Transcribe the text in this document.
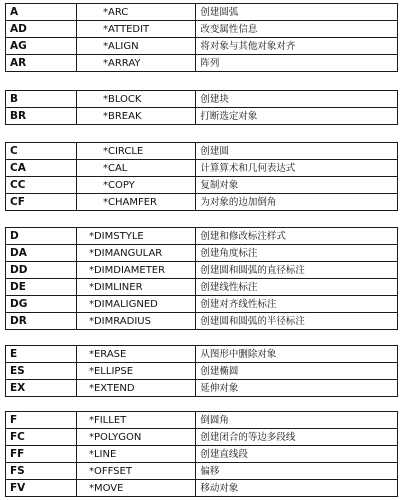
A	*ARC	创建圆弧
AD	*ATTEDIT	改变属性信息
AG	*ALIGN	将对象与其他对象对齐
AR	*ARRAY	阵列
B	*BLOCK	创建块
BR	*BREAK	打断选定对象
C	*CIRCLE	创建圆
CA	*CAL	计算算术和几何表达式
CC	*COPY	复制对象
CF	*CHAMFER	为对象的边加倒角
D	*DIMSTYLE	创建和修改标注样式
DA	*DIMANGULAR	创建角度标注
DD	*DIMDIAMETER	创建圆和圆弧的直径标注
DE	*DIMLINER	创建线性标注
DG	*DIMALIGNED	创建对齐线性标注
DR	*DIMRADIUS	创建圆和圆弧的半径标注
E	*ERASE	从图形中删除对象
ES	*ELLIPSE	创建椭圆
EX	*EXTEND	延伸对象
F	*FILLET	倒圆角
FC	*POLYGON	创建闭合的等边多段线
FF	*LINE	创建直线段
FS	*OFFSET	偏移
FV	*MOVE	移动对象
